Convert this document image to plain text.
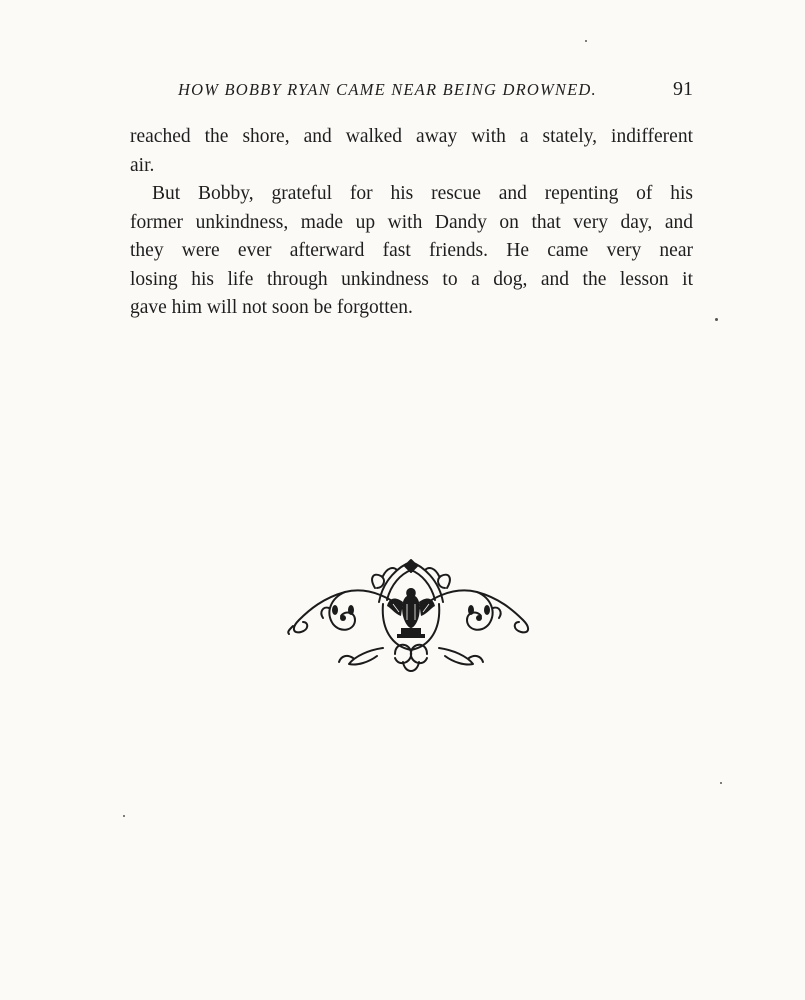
HOW BOBBY RYAN CAME NEAR BEING DROWNED.	91
reached the shore, and walked away with a stately, indifferent
air.
But Bobby, grateful for his rescue and repenting of his
former unkindness, made up with Dandy on that very day, and
they were ever afterward fast friends. He came very near
losing his life through unkindness to a dog, and the lesson it
gave him will not soon be forgotten.
